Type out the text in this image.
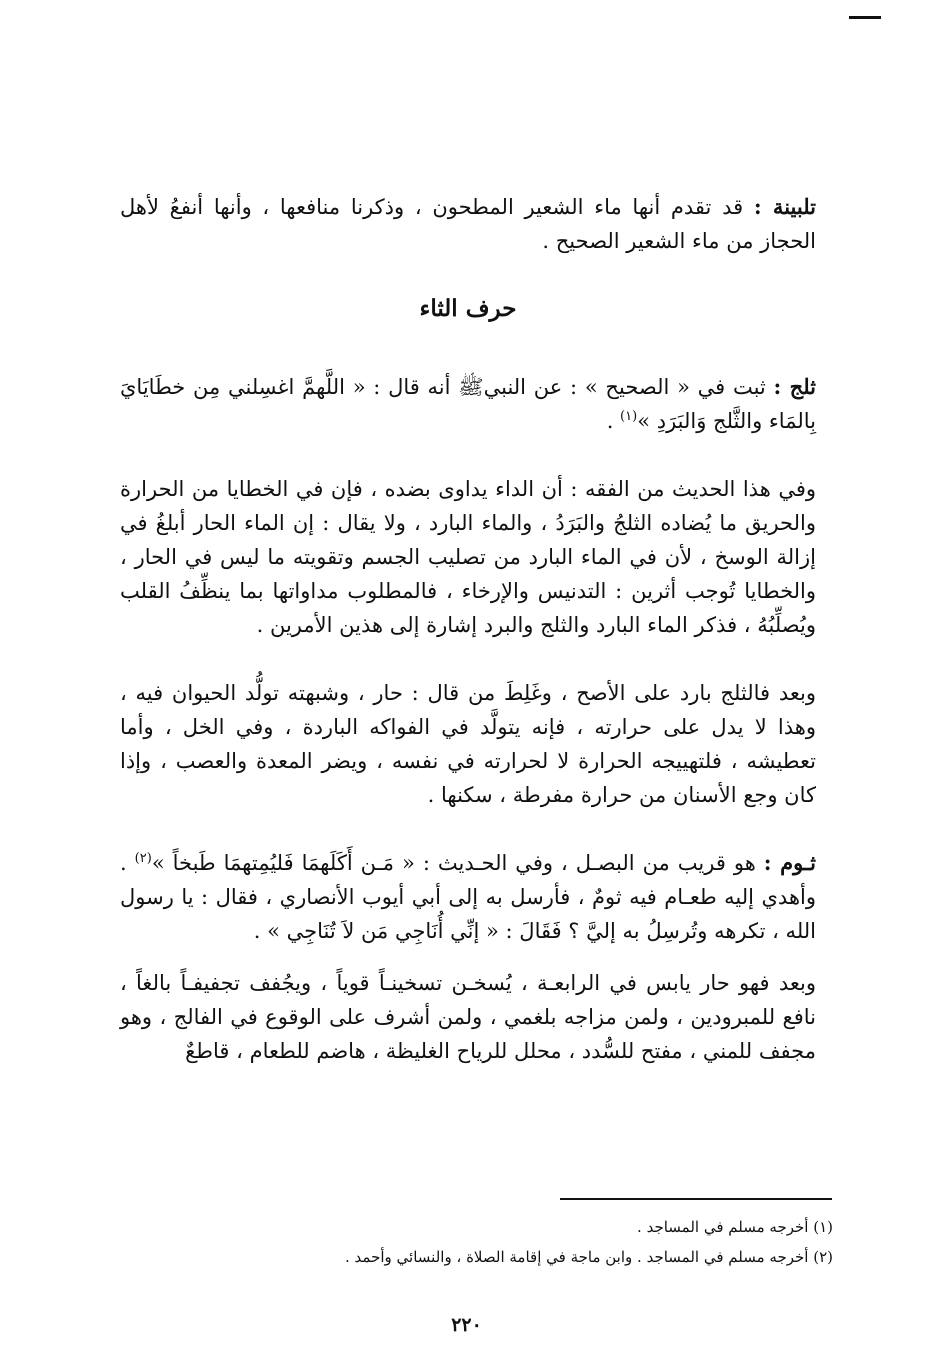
تلبينة : قد تقدم أنها ماء الشعير المطحون ، وذكرنا منافعها ، وأنها أنفعُ لأهل الحجاز من ماء الشعير الصحيح .

حرف الثاء

ثلج : ثبت في « الصحيح » : عن النبيﷺ أنه قال : « اللَّهمَّ اغسِلني مِن خطَايَايَ بِالمَاء والثَّلج وَالبَرَدِ »$^{(١)}$ .

وفي هذا الحديث من الفقه : أن الداء يداوى بضده ، فإن في الخطايا من الحرارة والحريق ما يُضاده الثلجُ والبَرَدُ ، والماء البارد ، ولا يقال : إن الماء الحار أبلغُ في إزالة الوسخ ، لأن في الماء البارد من تصليب الجسم وتقويته ما ليس في الحار ، والخطايا تُوجب أثرين : التدنيس والإرخاء ، فالمطلوب مداواتها بما ينظِّفُ القلب ويُصلِّبُهُ ، فذكر الماء البارد والثلج والبرد إشارة إلى هذين الأمرين .

وبعد فالثلج بارد على الأصح ، وغَلِطَ من قال : حار ، وشبهته تولُّد الحيوان فيه ، وهذا لا يدل على حرارته ، فإنه يتولَّد في الفواكه الباردة ، وفي الخل ، وأما تعطيشه ، فلتهييجه الحرارة لا لحرارته في نفسه ، ويضر المعدة والعصب ، وإذا كان وجع الأسنان من حرارة مفرطة ، سكنها .

ثـوم : هو قريب من البصـل ، وفي الحـديث : « مَـن أَكَلَهمَا فَليُمِتهمَا طَبخاً »$^{(٢)}$ . وأهدي إليه طعـام فيه ثومٌ ، فأرسل به إلى أبي أيوب الأنصاري ، فقال : يا رسول الله ، تكرهه وتُرسِلُ به إليَّ ؟ فَقَالَ : « إنِّي أُنَاجِي مَن لاَ تُنَاجِي » .

وبعد فهو حار يابس في الرابعـة ، يُسخـن تسخينـاً قوياً ، ويجُفف تجفيفـاً بالغاً ، نافع للمبرودين ، ولمن مزاجه بلغمي ، ولمن أشرف على الوقوع في الفالج ، وهو مجفف للمني ، مفتح للسُّدد ، محلل للرياح الغليظة ، هاضم للطعام ، قاطعٌ

(١) أخرجه مسلم في المساجد .

(٢) أخرجه مسلم في المساجد . وابن ماجة في إقامة الصلاة ، والنسائي وأحمد .

٢٢٠
